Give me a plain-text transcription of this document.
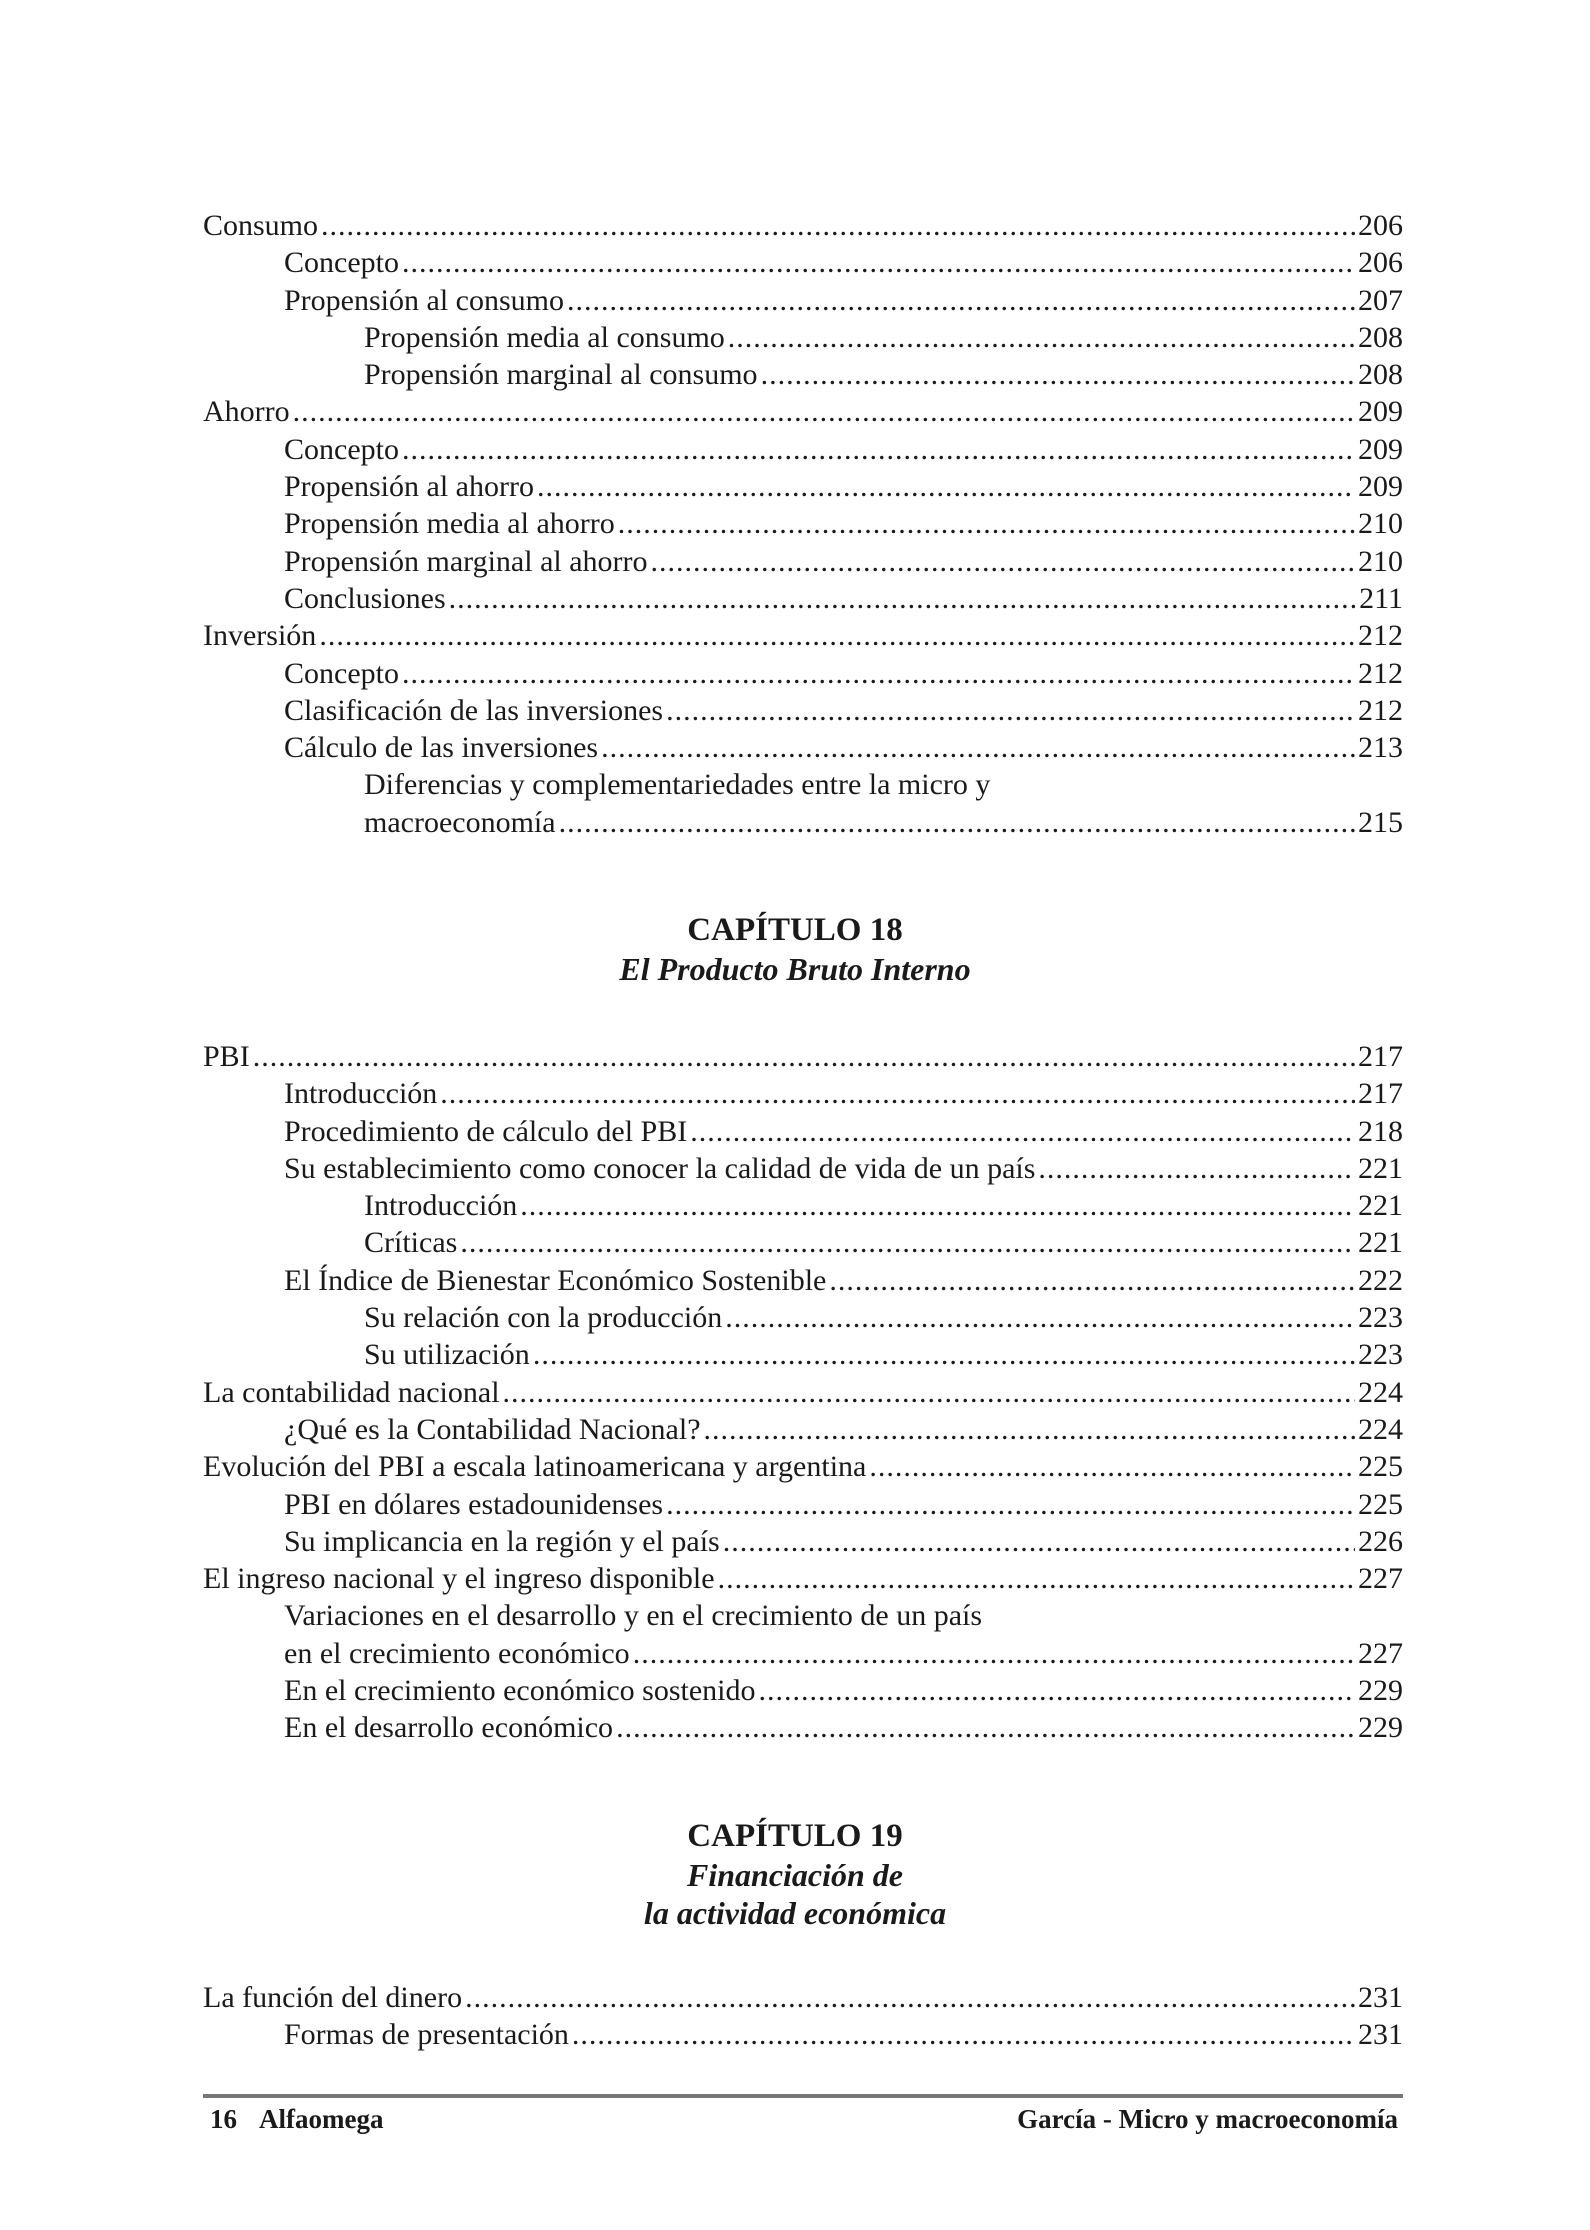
Consumo .....	206
Concepto .....	206
Propensión al consumo .....	207
Propensión media al consumo .....	208
Propensión marginal al consumo .....	208
Ahorro .....	209
Concepto .....	209
Propensión al ahorro .....	209
Propensión media al ahorro .....	210
Propensión marginal al ahorro .....	210
Conclusiones .....	211
Inversión .....	212
Concepto .....	212
Clasificación de las inversiones .....	212
Cálculo de las inversiones .....	213
Diferencias y complementariedades entre la micro y
macroeconomía .....	215
CAPÍTULO 18
El Producto Bruto Interno
PBI .....	217
Introducción .....	217
Procedimiento de cálculo del PBI .....	218
Su establecimiento como conocer la calidad de vida de un país .....	221
Introducción .....	221
Críticas .....	221
El Índice de Bienestar Económico Sostenible .....	222
Su relación con la producción .....	223
Su utilización .....	223
La contabilidad nacional .....	224
¿Qué es la Contabilidad Nacional? .....	224
Evolución del PBI a escala latinoamericana y argentina .....	225
PBI en dólares estadounidenses .....	225
Su implicancia en la región y el país .....	226
El ingreso nacional y el ingreso disponible .....	227
Variaciones en el desarrollo y en el crecimiento de un país
en el crecimiento económico .....	227
En el crecimiento económico sostenido .....	229
En el desarrollo económico .....	229
CAPÍTULO 19
Financiación de
la actividad económica
La función del dinero .....	231
Formas de presentación .....	231
16 Alfaomega	García - Micro y macroeconomía
